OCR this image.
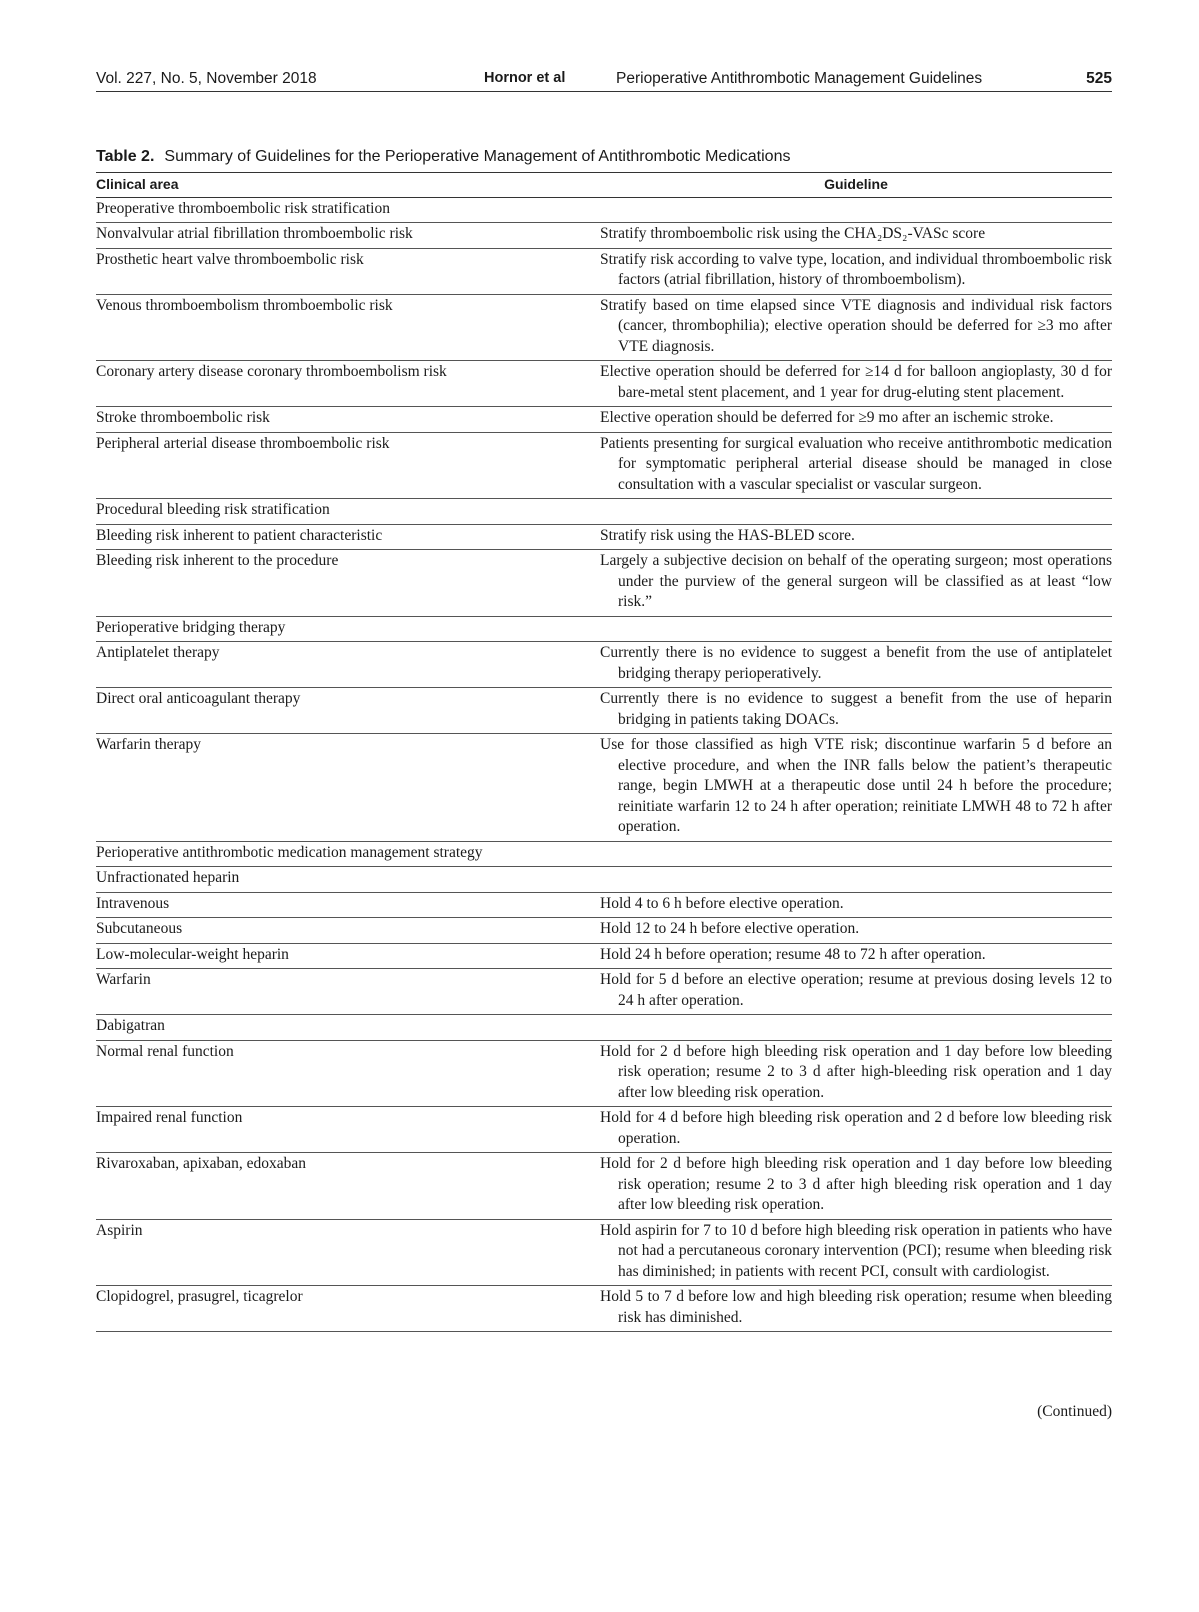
Vol. 227, No. 5, November 2018	Hornor et al	Perioperative Antithrombotic Management Guidelines	525
Table 2. Summary of Guidelines for the Perioperative Management of Antithrombotic Medications
Clinical area	Guideline
Preoperative thromboembolic risk stratification	

Nonvalvular atrial fibrillation thromboembolic risk	Stratify thromboembolic risk using the CHA₂DS₂-VASc score

Prosthetic heart valve thromboembolic risk	Stratify risk according to valve type, location, and individual thromboembolic risk factors (atrial fibrillation, history of thromboembolism).

Venous thromboembolism thromboembolic risk	Stratify based on time elapsed since VTE diagnosis and individual risk factors (cancer, thrombophilia); elective operation should be deferred for ≥3 mo after VTE diagnosis.

Coronary artery disease coronary thromboembolism risk	Elective operation should be deferred for ≥14 d for balloon angioplasty, 30 d for bare-metal stent placement, and 1 year for drug-eluting stent placement.

Stroke thromboembolic risk	Elective operation should be deferred for ≥9 mo after an ischemic stroke.

Peripheral arterial disease thromboembolic risk	Patients presenting for surgical evaluation who receive antithrombotic medication for symptomatic peripheral arterial disease should be managed in close consultation with a vascular specialist or vascular surgeon.

Procedural bleeding risk stratification	

Bleeding risk inherent to patient characteristic	Stratify risk using the HAS-BLED score.

Bleeding risk inherent to the procedure	Largely a subjective decision on behalf of the operating surgeon; most operations under the purview of the general surgeon will be classified as at least “low risk.”

Perioperative bridging therapy	

Antiplatelet therapy	Currently there is no evidence to suggest a benefit from the use of antiplatelet bridging therapy perioperatively.

Direct oral anticoagulant therapy	Currently there is no evidence to suggest a benefit from the use of heparin bridging in patients taking DOACs.

Warfarin therapy	Use for those classified as high VTE risk; discontinue warfarin 5 d before an elective procedure, and when the INR falls below the patient’s therapeutic range, begin LMWH at a therapeutic dose until 24 h before the procedure; reinitiate warfarin 12 to 24 h after operation; reinitiate LMWH 48 to 72 h after operation.

Perioperative antithrombotic medication management strategy	

Unfractionated heparin	

Intravenous	Hold 4 to 6 h before elective operation.

Subcutaneous	Hold 12 to 24 h before elective operation.

Low-molecular-weight heparin	Hold 24 h before operation; resume 48 to 72 h after operation.

Warfarin	Hold for 5 d before an elective operation; resume at previous dosing levels 12 to 24 h after operation.

Dabigatran	

Normal renal function	Hold for 2 d before high bleeding risk operation and 1 day before low bleeding risk operation; resume 2 to 3 d after high-bleeding risk operation and 1 day after low bleeding risk operation.

Impaired renal function	Hold for 4 d before high bleeding risk operation and 2 d before low bleeding risk operation.

Rivaroxaban, apixaban, edoxaban	Hold for 2 d before high bleeding risk operation and 1 day before low bleeding risk operation; resume 2 to 3 d after high bleeding risk operation and 1 day after low bleeding risk operation.

Aspirin	Hold aspirin for 7 to 10 d before high bleeding risk operation in patients who have not had a percutaneous coronary intervention (PCI); resume when bleeding risk has diminished; in patients with recent PCI, consult with cardiologist.

Clopidogrel, prasugrel, ticagrelor	Hold 5 to 7 d before low and high bleeding risk operation; resume when bleeding risk has diminished.
(Continued)
